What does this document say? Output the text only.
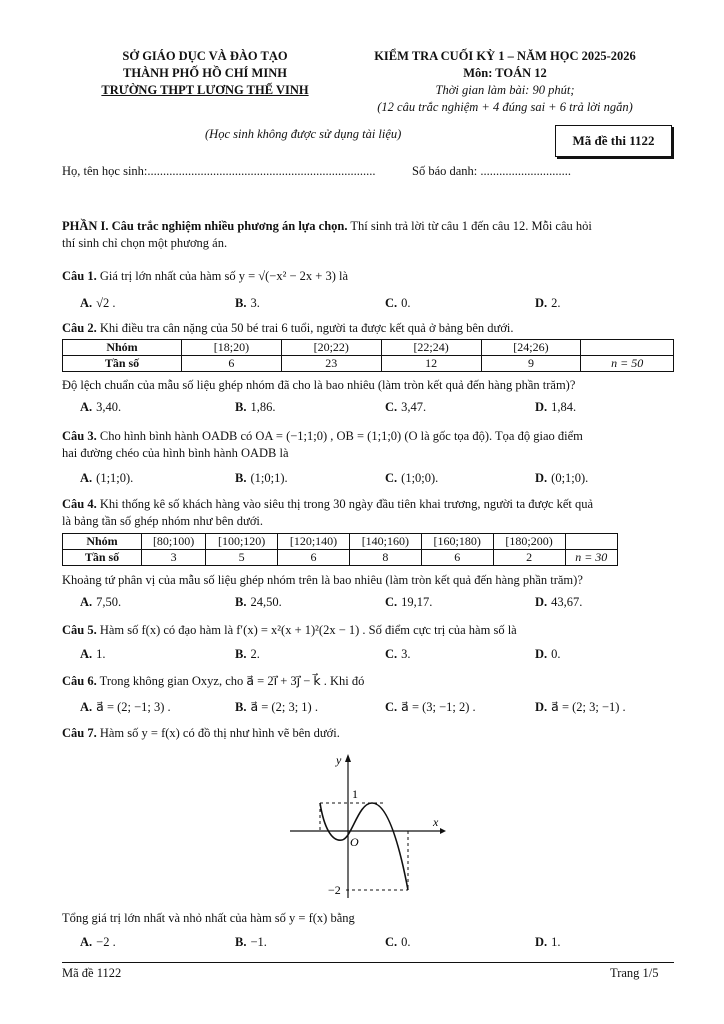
SỞ GIÁO DỤC VÀ ĐÀO TẠO
THÀNH PHỐ HỒ CHÍ MINH
TRƯỜNG THPT LƯƠNG THẾ VINH
KIỂM TRA CUỐI KỲ 1 – NĂM HỌC 2025-2026
Môn: TOÁN 12
Thời gian làm bài: 90 phút;
(12 câu trắc nghiệm + 4 đúng sai + 6 trả lời ngắn)
(Học sinh không được sử dụng tài liệu)	Mã đề thi 1122
Họ, tên học sinh:.........................................................................	Số báo danh: .............................
PHẦN I. Câu trắc nghiệm nhiều phương án lựa chọn. Thí sinh trả lời từ câu 1 đến câu 12. Mỗi câu hỏi
thí sinh chỉ chọn một phương án.
Câu 1. Giá trị lớn nhất của hàm số y = √(−x² − 2x + 3) là
A. √2 .	B. 3.	C. 0.	D. 2.
Câu 2. Khi điều tra cân nặng của 50 bé trai 6 tuổi, người ta được kết quả ở bảng bên dưới.
Nhóm	[18;20)	[20;22)	[22;24)	[24;26)	
Tần số	6	23	12	9	n = 50
Độ lệch chuẩn của mẫu số liệu ghép nhóm đã cho là bao nhiêu (làm tròn kết quả đến hàng phần trăm)?
A. 3,40.	B. 1,86.	C. 3,47.	D. 1,84.
Câu 3. Cho hình bình hành OADB có OA = (−1;1;0) , OB = (1;1;0) (O là gốc tọa độ). Tọa độ giao điểm
hai đường chéo của hình bình hành OADB là
A. (1;1;0).	B. (1;0;1).	C. (1;0;0).	D. (0;1;0).
Câu 4. Khi thống kê số khách hàng vào siêu thị trong 30 ngày đầu tiên khai trương, người ta được kết quả
là bảng tần số ghép nhóm như bên dưới.
Nhóm	[80;100)	[100;120)	[120;140)	[140;160)	[160;180)	[180;200)	
Tần số	3	5	6	8	6	2	n = 30
Khoảng tứ phân vị của mẫu số liệu ghép nhóm trên là bao nhiêu (làm tròn kết quả đến hàng phần trăm)?
A. 7,50.	B. 24,50.	C. 19,17.	D. 43,67.
Câu 5. Hàm số f(x) có đạo hàm là f′(x) = x²(x + 1)²(2x − 1) . Số điểm cực trị của hàm số là
A. 1.	B. 2.	C. 3.	D. 0.
Câu 6. Trong không gian Oxyz, cho a⃗ = 2i⃗ + 3j⃗ − k⃗ . Khi đó
A. a⃗ = (2; −1; 3) .	B. a⃗ = (2; 3; 1) .	C. a⃗ = (3; −1; 2) .	D. a⃗ = (2; 3; −1) .
Câu 7. Hàm số y = f(x) có đồ thị như hình vẽ bên dưới.
y
x
O
1
−2
Tổng giá trị lớn nhất và nhỏ nhất của hàm số y = f(x) bằng
A. −2 .	B. −1.	C. 0.	D. 1.
Mã đề 1122	Trang 1/5
